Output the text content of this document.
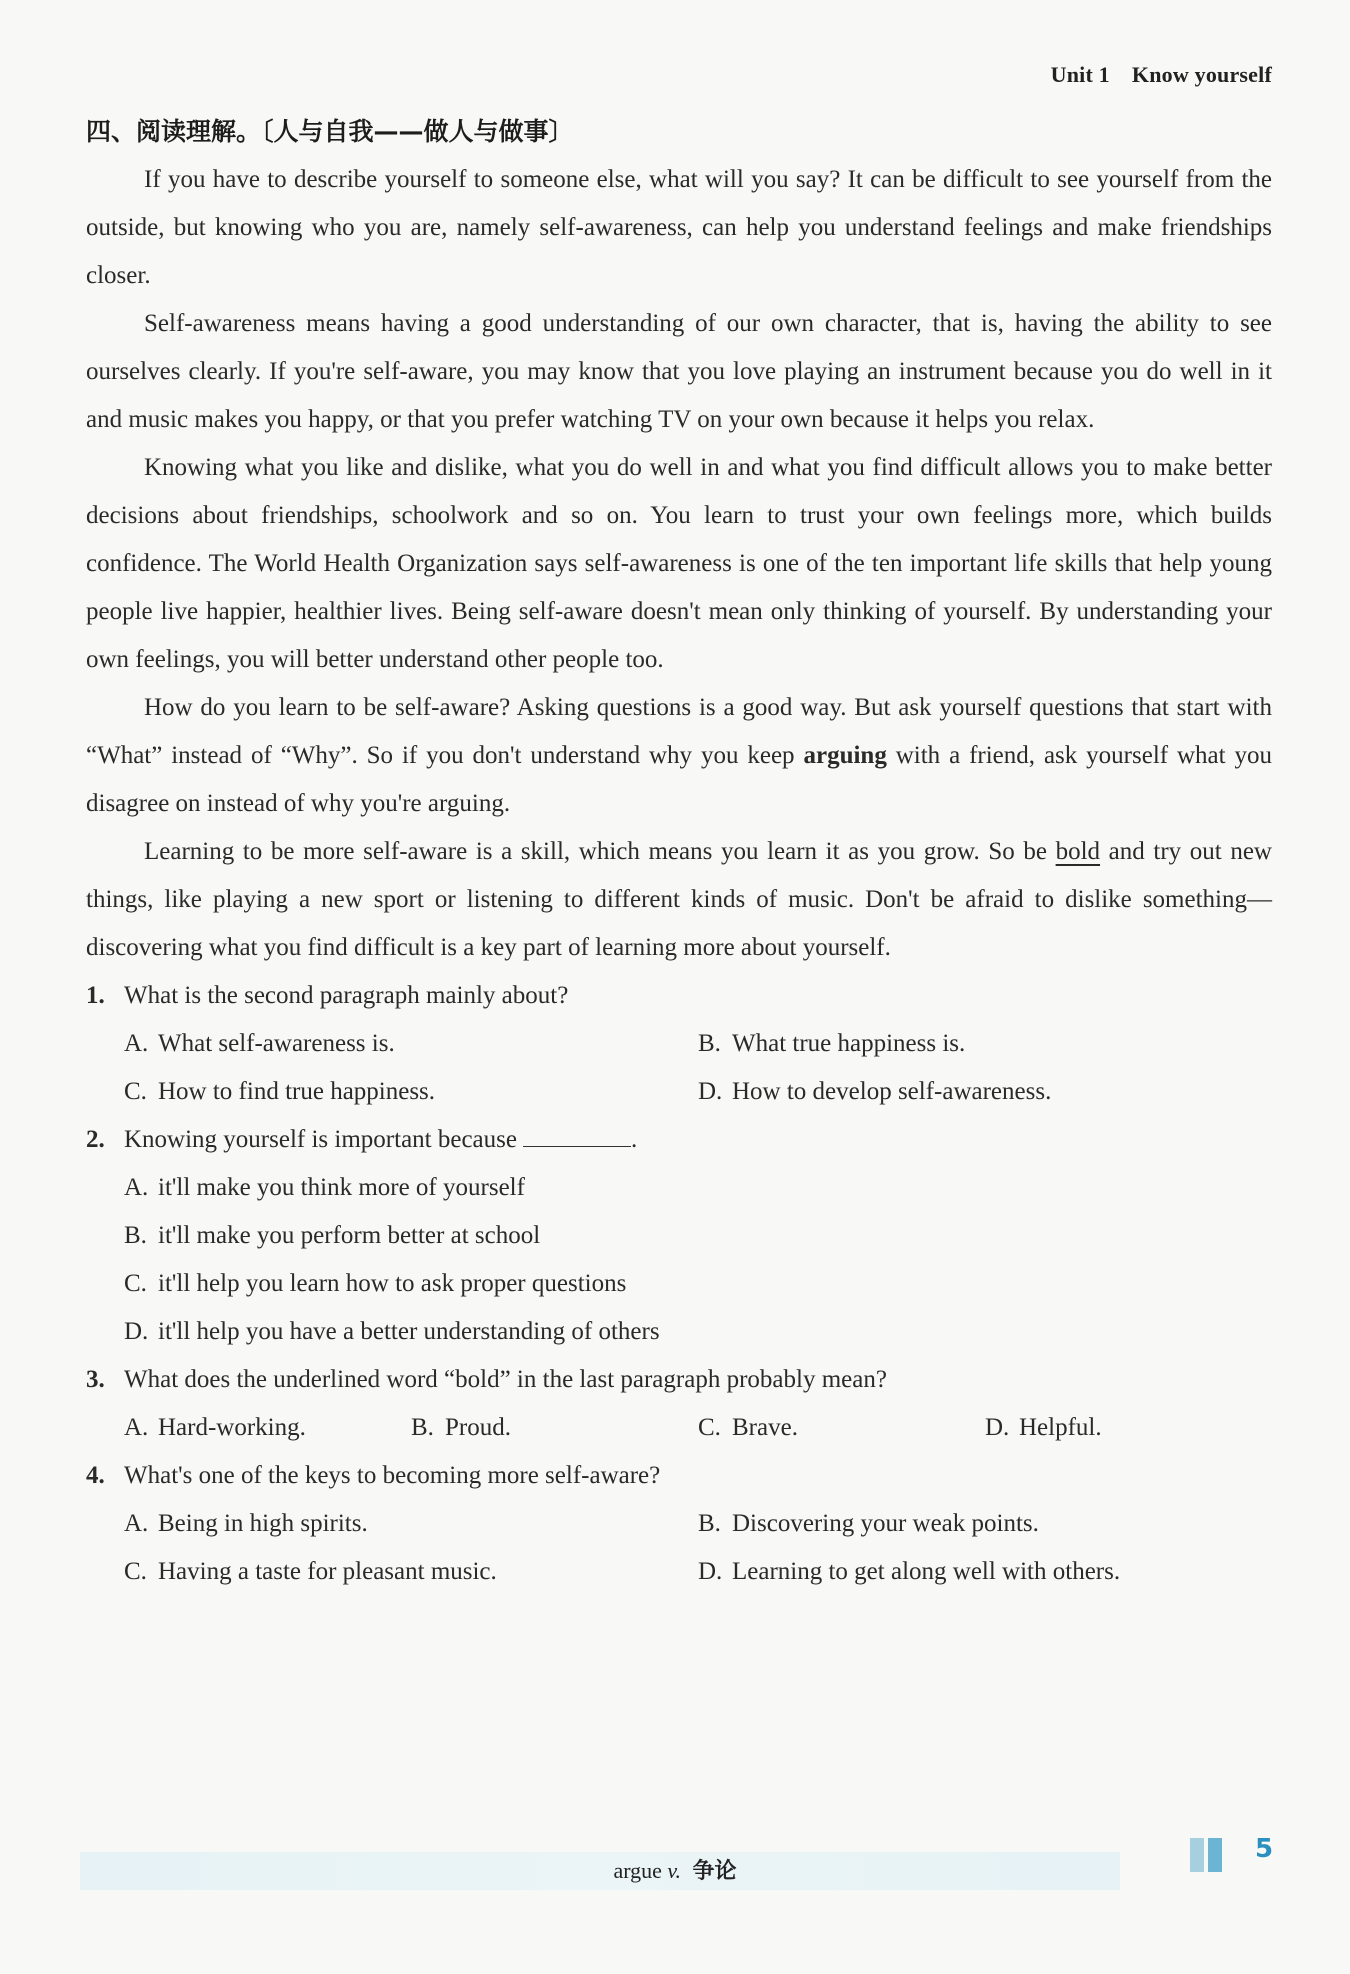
Unit 1 Know yourself
四、阅读理解。〔人与自我——做人与做事〕

If you have to describe yourself to someone else, what will you say? It can be difficult to see yourself from the outside, but knowing who you are, namely self-awareness, can help you understand feelings and make friendships closer.

Self-awareness means having a good understanding of our own character, that is, having the ability to see ourselves clearly. If you're self-aware, you may know that you love playing an instrument because you do well in it and music makes you happy, or that you prefer watching TV on your own because it helps you relax.

Knowing what you like and dislike, what you do well in and what you find difficult allows you to make better decisions about friendships, schoolwork and so on. You learn to trust your own feelings more, which builds confidence. The World Health Organization says self-awareness is one of the ten important life skills that help young people live happier, healthier lives. Being self-aware doesn't mean only thinking of yourself. By understanding your own feelings, you will better understand other people too.

How do you learn to be self-aware? Asking questions is a good way. But ask yourself questions that start with “What” instead of “Why”. So if you don't understand why you keep arguing with a friend, ask yourself what you disagree on instead of why you're arguing.

Learning to be more self-aware is a skill, which means you learn it as you grow. So be bold and try out new things, like playing a new sport or listening to different kinds of music. Don't be afraid to dislike something—discovering what you find difficult is a key part of learning more about yourself.

1. What is the second paragraph mainly about?
A. What self-awareness is.	B. What true happiness is.
C. How to find true happiness.	D. How to develop self-awareness.
2. Knowing yourself is important because	.
A. it'll make you think more of yourself
B. it'll make you perform better at school
C. it'll help you learn how to ask proper questions
D. it'll help you have a better understanding of others
3. What does the underlined word “bold” in the last paragraph probably mean?
A. Hard-working.	B. Proud.	C. Brave.	D. Helpful.
4. What's one of the keys to becoming more self-aware?
A. Being in high spirits.	B. Discovering your weak points.
C. Having a taste for pleasant music.	D. Learning to get along well with others.
argue v. 争论
5
